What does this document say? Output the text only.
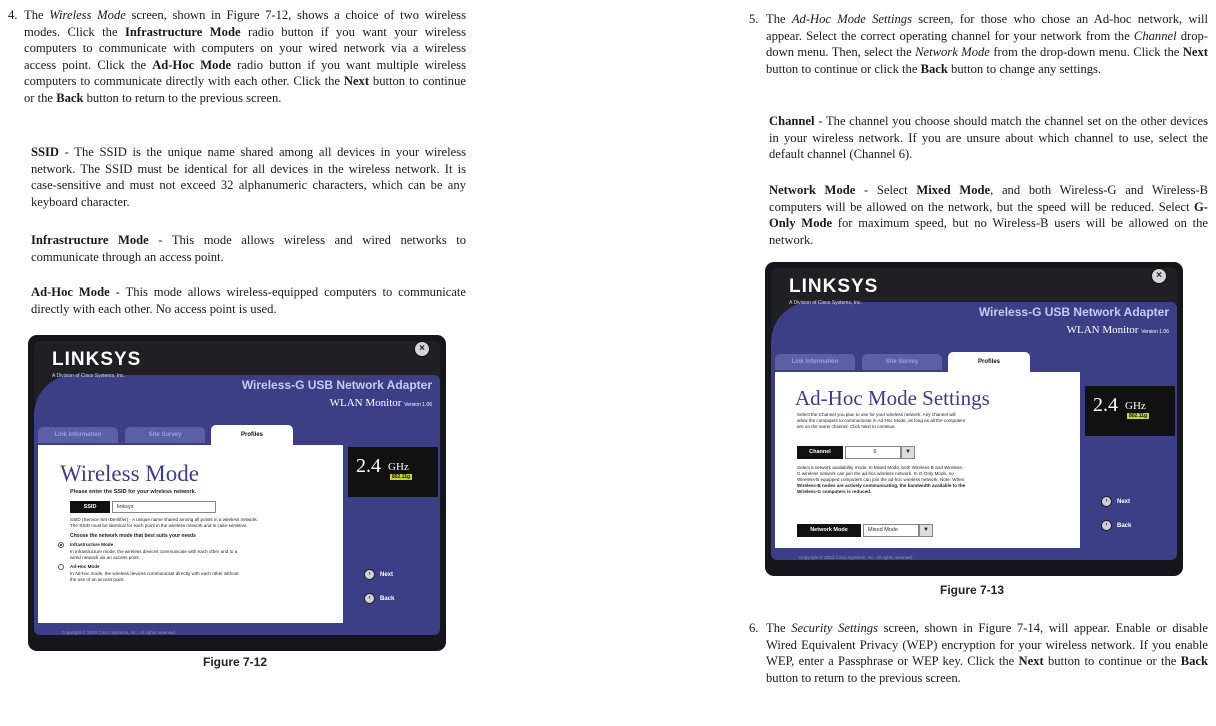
4. The Wireless Mode screen, shown in Figure 7-12, shows a choice of two wireless modes. Click the Infrastructure Mode radio button if you want your wireless computers to communicate with computers on your wired network via a wireless access point. Click the Ad-Hoc Mode radio button if you want multiple wireless computers to communicate directly with each other. Click the Next button to continue or the Back button to return to the previous screen.

SSID - The SSID is the unique name shared among all devices in your wireless network. The SSID must be identical for all devices in the wireless network. It is case-sensitive and must not exceed 32 alphanumeric characters, which can be any keyboard character.

Infrastructure Mode - This mode allows wireless and wired networks to communicate through an access point.

Ad-Hoc Mode - This mode allows wireless-equipped computers to communicate directly with each other. No access point is used.

LINKSYS
A Division of Cisco Systems, Inc.
×
Wireless-G USB Network Adapter
WLAN Monitor Version 1.06
Link Information	Site Survey	Profiles
Wireless Mode
Please enter the SSID for your wireless network.
SSID	linksys
SSID (Service Set IDentifier) - A unique name shared among all points in a wireless network.
The SSID must be identical for each point in the wireless network and is case-sensitive.
Choose the network mode that best suits your needs
Infrastructure Mode
In infrastructure mode, the wireless devices communicate with each other and to a
wired network via an access point.
Ad-Hoc Mode
In Ad-hoc mode, the wireless devices communicate directly with each other without
the use of an access point.
2.4 GHz
802.11g
› Next
‹ Back
Copyright © 2003 Cisco Systems, Inc. All rights reserved.
Figure 7-12
5. The Ad-Hoc Mode Settings screen, for those who chose an Ad-hoc network, will appear. Select the correct operating channel for your network from the Channel drop-down menu. Then, select the Network Mode from the drop-down menu. Click the Next button to continue or click the Back button to change any settings.

Channel - The channel you choose should match the channel set on the other devices in your wireless network. If you are unsure about which channel to use, select the default channel (Channel 6).

Network Mode - Select Mixed Mode, and both Wireless-G and Wireless-B computers will be allowed on the network, but the speed will be reduced. Select G-Only Mode for maximum speed, but no Wireless-B users will be allowed on the network.

LINKSYS
A Division of Cisco Systems, Inc.
×
Wireless-G USB Network Adapter
WLAN Monitor Version 1.06
Link Information	Site Survey	Profiles
Ad-Hoc Mode Settings
Select the Channel you plan to use for your wireless network. Any channel will
allow the computers to communicate in Ad-Hoc Mode, as long as all the computers
are on the same channel. Click Next to continue.
Channel	6	▼
Select a network availability mode. In Mixed Mode, both Wireless-B and Wireless-
G wireless network can join the ad-hoc wireless network. In G-Only Mode, no
Wireless-B equipped computers can join the ad-hoc wireless network. Note: When
Wireless-B nodes are actively communicating, the bandwidth available to the
Wireless-G computers is reduced.
Network Mode	Mixed Mode	▼
2.4 GHz
802.11g
› Next
‹ Back
Copyright © 2003 Cisco Systems, Inc. All rights reserved.
Figure 7-13
6. The Security Settings screen, shown in Figure 7-14, will appear. Enable or disable Wired Equivalent Privacy (WEP) encryption for your wireless network. If you enable WEP, enter a Passphrase or WEP key. Click the Next button to continue or the Back button to return to the previous screen.
